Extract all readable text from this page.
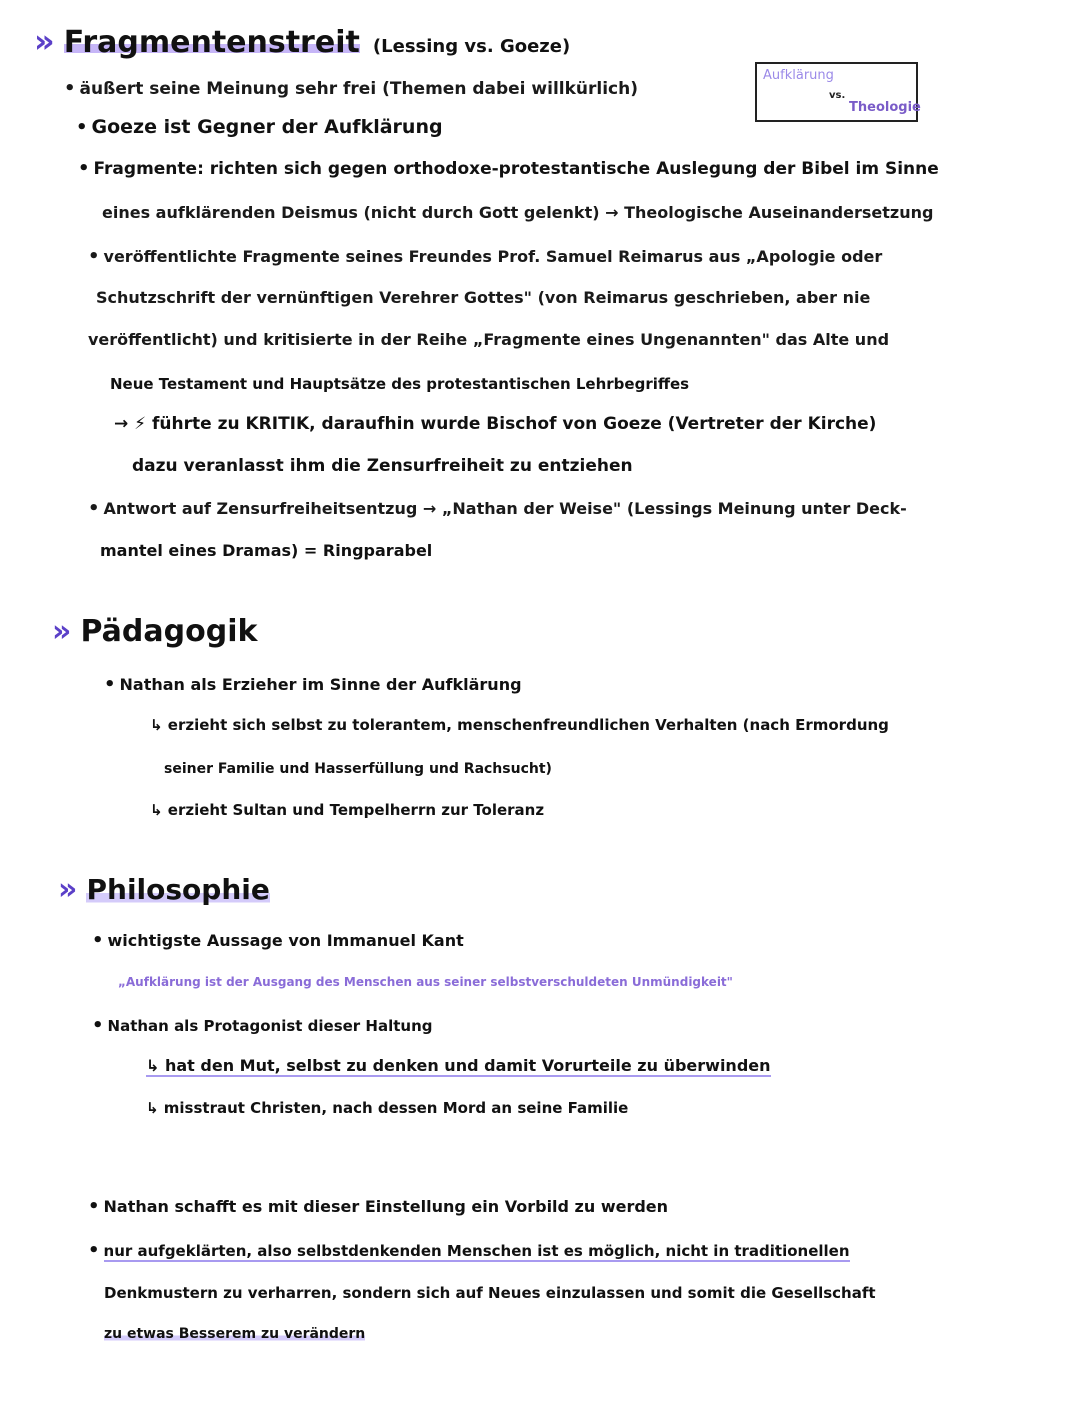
» Fragmentenstreit (Lessing vs. Goeze)
Aufklärung
vs.
Theologie
• äußert seine Meinung sehr frei (Themen dabei willkürlich)
• Goeze ist Gegner der Aufklärung
• Fragmente: richten sich gegen orthodoxe-protestantische Auslegung der Bibel im Sinne
eines aufklärenden Deismus (nicht durch Gott gelenkt) → Theologische Auseinandersetzung
• veröffentlichte Fragmente seines Freundes Prof. Samuel Reimarus aus „Apologie oder
Schutzschrift der vernünftigen Verehrer Gottes" (von Reimarus geschrieben, aber nie
veröffentlicht) und kritisierte in der Reihe „Fragmente eines Ungenannten" das Alte und
Neue Testament und Hauptsätze des protestantischen Lehrbegriffes
→ ⚡ führte zu KRITIK, daraufhin wurde Bischof von Goeze (Vertreter der Kirche)
dazu veranlasst ihm die Zensurfreiheit zu entziehen
• Antwort auf Zensurfreiheitsentzug → „Nathan der Weise" (Lessings Meinung unter Deck-
mantel eines Dramas) = Ringparabel
» Pädagogik
• Nathan als Erzieher im Sinne der Aufklärung
↳ erzieht sich selbst zu tolerantem, menschenfreundlichen Verhalten (nach Ermordung
seiner Familie und Hasserfüllung und Rachsucht)
↳ erzieht Sultan und Tempelherrn zur Toleranz
» Philosophie
• wichtigste Aussage von Immanuel Kant
„Aufklärung ist der Ausgang des Menschen aus seiner selbstverschuldeten Unmündigkeit"
• Nathan als Protagonist dieser Haltung
↳ hat den Mut, selbst zu denken und damit Vorurteile zu überwinden
↳ misstraut Christen, nach dessen Mord an seine Familie
• Nathan schafft es mit dieser Einstellung ein Vorbild zu werden
• nur aufgeklärten, also selbstdenkenden Menschen ist es möglich, nicht in traditionellen
Denkmustern zu verharren, sondern sich auf Neues einzulassen und somit die Gesellschaft
zu etwas Besserem zu verändern
